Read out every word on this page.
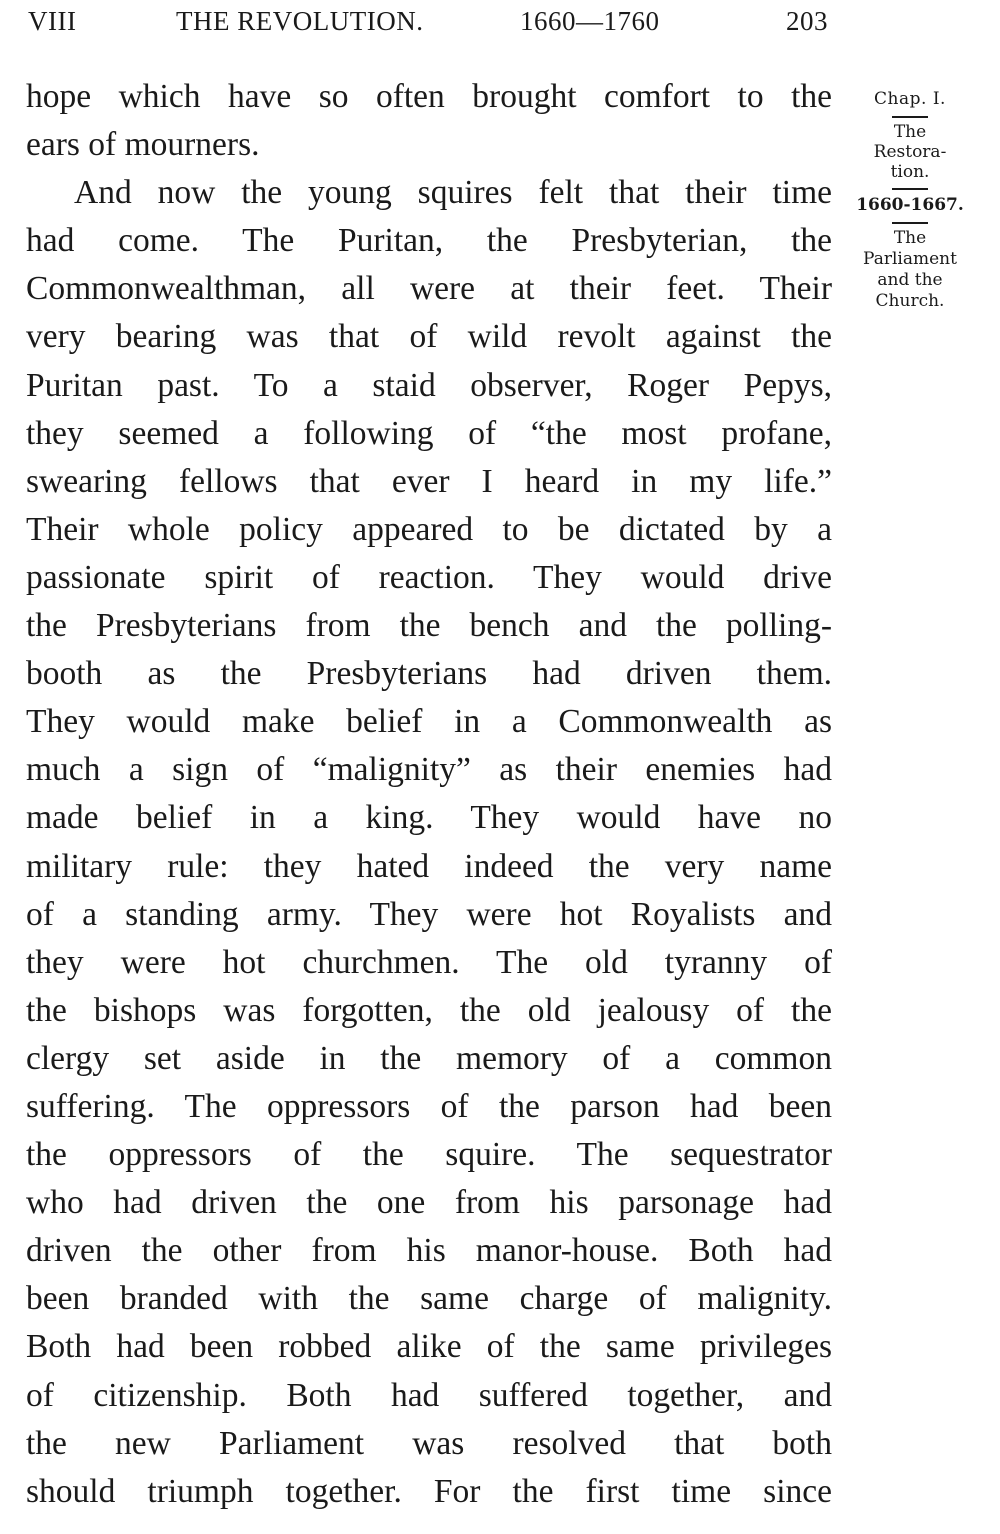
VIII	THE REVOLUTION.	1660—1760	203
hope which have so often brought comfort to the
ears of mourners.
And now the young squires felt that their time
had come. The Puritan, the Presbyterian, the
Commonwealthman, all were at their feet. Their
very bearing was that of wild revolt against the
Puritan past. To a staid observer, Roger Pepys,
they seemed a following of “the most profane,
swearing fellows that ever I heard in my life.”
Their whole policy appeared to be dictated by a
passionate spirit of reaction. They would drive
the Presbyterians from the bench and the polling-
booth as the Presbyterians had driven them.
They would make belief in a Commonwealth as
much a sign of “malignity” as their enemies had
made belief in a king. They would have no
military rule: they hated indeed the very name
of a standing army. They were hot Royalists and
they were hot churchmen. The old tyranny of
the bishops was forgotten, the old jealousy of the
clergy set aside in the memory of a common
suffering. The oppressors of the parson had been
the oppressors of the squire. The sequestrator
who had driven the one from his parsonage had
driven the other from his manor-house. Both had
been branded with the same charge of malignity.
Both had been robbed alike of the same privileges
of citizenship. Both had suffered together, and
the new Parliament was resolved that both
should triumph together. For the first time since
Chap. I.
The
Restora-
tion.
1660-1667.
The
Parliament
and the
Church.
